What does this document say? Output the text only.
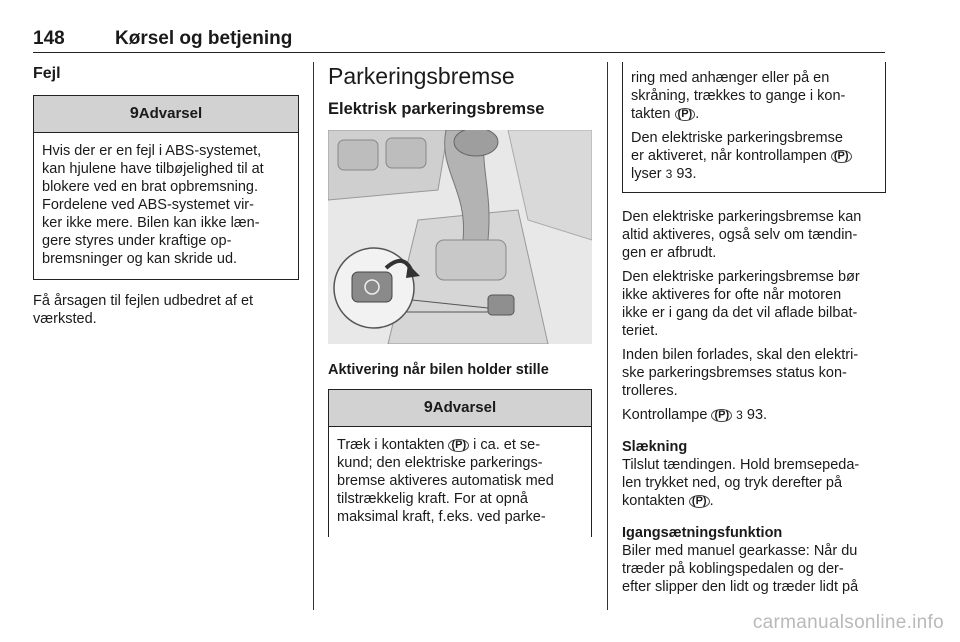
148	Kørsel og betjening
Fejl
9Advarsel
Hvis der er en fejl i ABS-systemet,
kan hjulene have tilbøjelighed til at
blokere ved en brat opbremsning.
Fordelene ved ABS-systemet vir-
ker ikke mere. Bilen kan ikke læn-
gere styres under kraftige op-
bremsninger og kan skride ud.
Få årsagen til fejlen udbedret af et
værksted.
Parkeringsbremse
Elektrisk parkeringsbremse
Aktivering når bilen holder stille
9Advarsel
Træk i kontakten (P) i ca. et se-
kund; den elektriske parkerings-
bremse aktiveres automatisk med
tilstrækkelig kraft. For at opnå
maksimal kraft, f.eks. ved parke-
ring med anhænger eller på en
skråning, trækkes to gange i kon-
takten (P) .
Den elektriske parkeringsbremse
er aktiveret, når kontrollampen (P)
lyser 3 93.
Den elektriske parkeringsbremse kan
altid aktiveres, også selv om tændin-
gen er afbrudt.
Den elektriske parkeringsbremse bør
ikke aktiveres for ofte når motoren
ikke er i gang da det vil aflade bilbat-
teriet.
Inden bilen forlades, skal den elektri-
ske parkeringsbremses status kon-
trolleres.
Kontrollampe (P) 3 93.
Slækning
Tilslut tændingen. Hold bremsepeda-
len trykket ned, og tryk derefter på
kontakten (P) .
Igangsætningsfunktion
Biler med manuel gearkasse: Når du
træder på koblingspedalen og der-
efter slipper den lidt og træder lidt på
carmanualsonline.info
